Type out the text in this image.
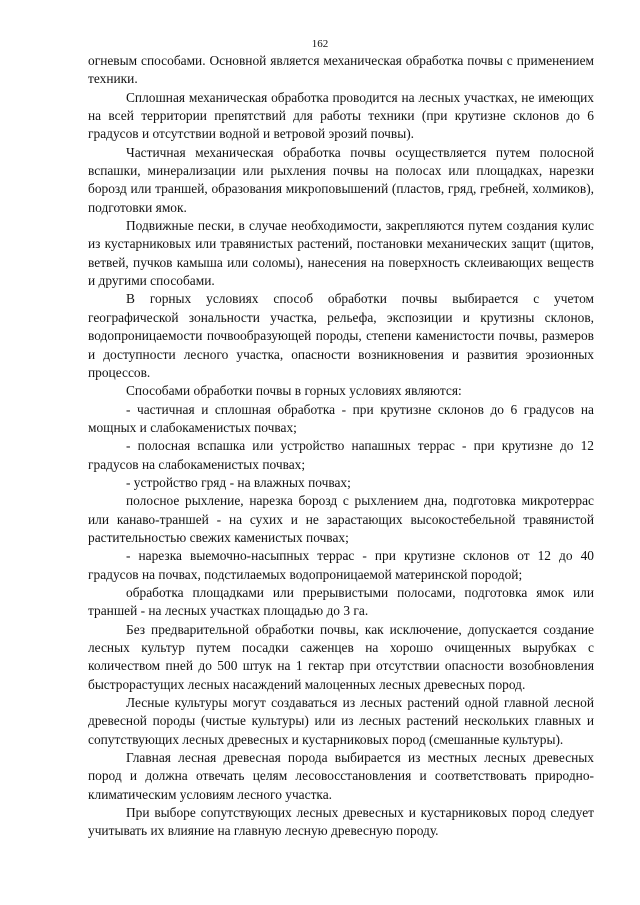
162

огневым способами. Основной является механическая обработка почвы с применением техники.

Сплошная механическая обработка проводится на лесных участках, не имеющих на всей территории препятствий для работы техники (при крутизне склонов до 6 градусов и отсутствии водной и ветровой эрозий почвы).

Частичная механическая обработка почвы осуществляется путем полосной вспашки, минерализации или рыхления почвы на полосах или площадках, нарезки борозд или траншей, образования микроповышений (пластов, гряд, гребней, холмиков), подготовки ямок.

Подвижные пески, в случае необходимости, закрепляются путем создания кулис из кустарниковых или травянистых растений, постановки механических защит (щитов, ветвей, пучков камыша или соломы), нанесения на поверхность склеивающих веществ и другими способами.

В горных условиях способ обработки почвы выбирается с учетом географической зональности участка, рельефа, экспозиции и крутизны склонов, водопроницаемости почвообразующей породы, степени каменистости почвы, размеров и доступности лесного участка, опасности возникновения и развития эрозионных процессов.

Способами обработки почвы в горных условиях являются:

- частичная и сплошная обработка - при крутизне склонов до 6 градусов на мощных и слабокаменистых почвах;

- полосная вспашка или устройство напашных террас - при крутизне до 12 градусов на слабокаменистых почвах;

- устройство гряд - на влажных почвах;

полосное рыхление, нарезка борозд с рыхлением дна, подготовка микротеррас или канаво-траншей - на сухих и не зарастающих высокостебельной травянистой растительностью свежих каменистых почвах;

- нарезка выемочно-насыпных террас - при крутизне склонов от 12 до 40 градусов на почвах, подстилаемых водопроницаемой материнской породой;

обработка площадками или прерывистыми полосами, подготовка ямок или траншей - на лесных участках площадью до 3 га.

Без предварительной обработки почвы, как исключение, допускается создание лесных культур путем посадки саженцев на хорошо очищенных вырубках с количеством пней до 500 штук на 1 гектар при отсутствии опасности возобновления быстрорастущих лесных насаждений малоценных лесных древесных пород.

Лесные культуры могут создаваться из лесных растений одной главной лесной древесной породы (чистые культуры) или из лесных растений нескольких главных и сопутствующих лесных древесных и кустарниковых пород (смешанные культуры).

Главная лесная древесная порода выбирается из местных лесных древесных пород и должна отвечать целям лесовосстановления и соответствовать природно-климатическим условиям лесного участка.

При выборе сопутствующих лесных древесных и кустарниковых пород следует учитывать их влияние на главную лесную древесную породу.
